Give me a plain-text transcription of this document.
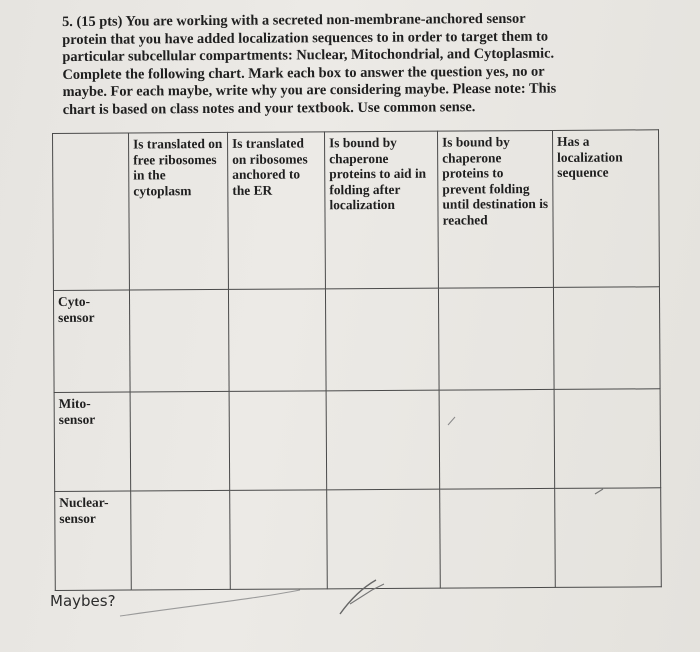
5. (15 pts) You are working with a secreted non-membrane-anchored sensor

protein that you have added localization sequences to in order to target them to

particular subcellular compartments: Nuclear, Mitochondrial, and Cytoplasmic.

Complete the following chart. Mark each box to answer the question yes, no or

maybe. For each maybe, write why you are considering maybe. Please note: This

chart is based on class notes and your textbook. Use common sense.

	Is translated on free ribosomes in the cytoplasm	Is translated on ribosomes anchored to the ER	Is bound by chaperone proteins to aid in folding after localization	Is bound by chaperone proteins to prevent folding until destination is reached	Has a localization sequence

Cyto-
sensor					

Mito-
sensor					

Nuclear-
sensor					

Maybes?
